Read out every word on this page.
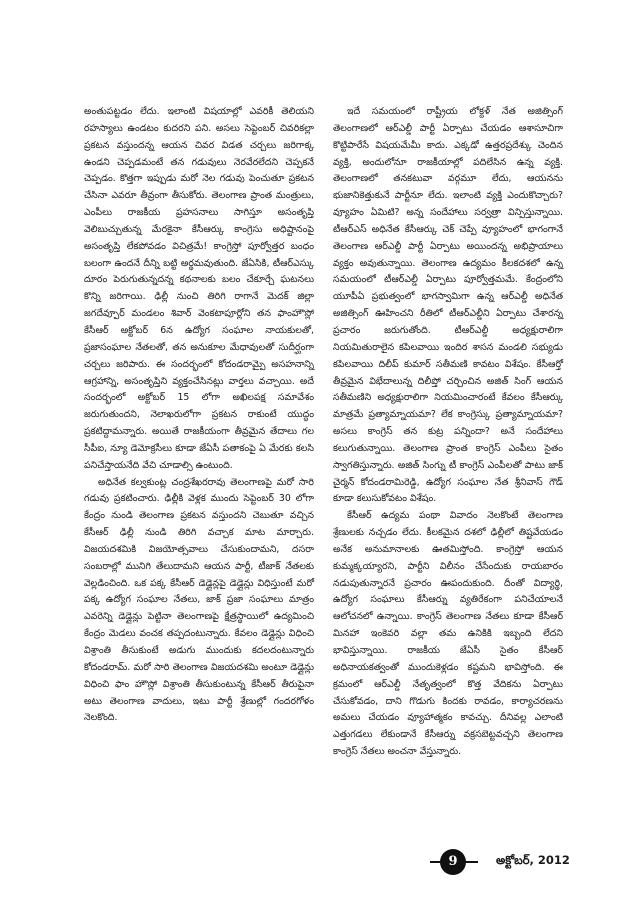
అంతుపట్టడం లేదు. ఇలాంటి విషయాల్లో ఎవరికీ తెలియని రహస్యాలు ఉండటం కుదరని పని. అసలు సెప్టెంబర్ చివరికల్లా ప్రకటన వస్తుందన్న ఆయన చివర విడత చర్చలు జరిగాక్క ఉండని చెప్పడమంటే తన గడువులు నెరవేరలేదని చెప్పకనే చెప్పడం. కొత్తగా ఇప్పుడు మరో నెల గడువు పెంచుతూ ప్రకటన చేసినా ఎవరూ తీవ్రంగా తీసుకోరు. తెలంగాణ ప్రాంత మంత్రులు, ఎంపీలు రాజకీయ ప్రహసనాలు సాగిస్తూ అసంతృప్తి వెలిబుచ్చుతున్న మేరకైనా కేసీఆర్కు కాంగ్రెసు అధిష్టానంపై అసంతృప్తి లేకపోవడం విచిత్రమే! కాంగ్రెస్తో పూర్వోత్తర బంధం బలంగా ఉందనే దీన్ని బట్టి అర్థమవుతుంది. జేఏసికి, టీఆర్ఎస్కు దూరం పెరుగుతున్నదన్న కథనాలకు బలం చేకూర్చే ఘటనలు కొన్ని జరిగాయి. ఢిల్లీ నుంచి తిరిగి రాగానే మెదక్ జిల్లా జగదేవ్పూర్ మండలం శివార్ వెంకటాపూర్లోని తన ఫాంహౌస్లో కేసీఆర్ అక్టోబర్ 6న ఉద్యోగ సంఘాల నాయకులతో, ప్రజాసంఘాల నేతలతో, తన అనుకూల మేధావులతో సుదీర్ఘంగా చర్చలు జరిపారు. ఈ సందర్భంలో కోదండరామ్పై అసహనాన్ని ఆగ్రహాన్ని, అసంతృప్తిని వ్యక్తంచేసినట్లు వార్తలు వచ్చాయి. అదే సందర్భంలో అక్టోబర్ 15 లోగా అఖిలపక్ష సమావేశం జరుగుతుందని, నెలాఖరులోగా ప్రకటన రాకుంటే యుద్ధం ప్రకటిద్దామన్నారు. అయితే రాజకీయంగా తీవ్రమైన తేదాలు గల సీపీఐ, న్యూ డెమోక్రసీలు కూడా జేఏసీ పతాకంపై ఏ మేరకు కలసి పనిచేస్తాయనేది వేచి చూడాల్సి ఉంటుంది.

అధినేత కల్వకుంట్ల చంద్రశేఖరరావు తెలంగాణపై మరో సారి గడువు ప్రకటించారు. ఢిల్లీకి వెళ్లక ముందు సెప్టెంబర్ 30 లోగా కేంద్రం నుండి తెలంగాణ ప్రకటన వస్తుందని చెబుతూ వచ్చిన కేసీఆర్ ఢిల్లీ నుండి తిరిగి వచ్చాక మాట మార్చారు. విజయదశమికి విజయోత్సవాలు చేసుకుందామని, దసరా సంబరాల్లో మునిగి తేలుదామని ఆయన పార్టీ, టీజాక్ నేతలకు వెల్లడించింది. ఒక పక్క కేసీఆర్ డెడ్లైన్లపై డెడ్లైన్లు విధిస్తుంటే మరో పక్క ఉద్యోగ సంఘాల నేతలు, జాక్ ప్రజా సంఘాలు మాత్రం ఎవరెన్ని డెడ్లైన్లు పెట్టినా తెలంగాణపై క్షేత్రస్థాయిలో ఉద్యమించి కేంద్రం మెడలు వంచక తప్పదంటున్నారు. కేవలం డెడ్లైన్లు విధించి విశ్రాంతి తీసుకుంటే అడుగు ముందుకు కదలదంటున్నారు కోదండరామ్. మరో సారి తెలంగాణ విజయదశమి అంటూ డెడ్లైన్లు విధించి ఫాం హౌస్లో విశ్రాంతి తీసుకుంటున్న కేసీఆర్ తీరుపైనా అటు తెలంగాణ వాదులు, ఇటు పార్టీ శ్రేణుల్లో గందరగోళం నెలకొంది.

ఇదే సమయంలో రాష్ట్రీయ లోక్దళ్ నేత అజిత్సింగ్ తెలంగాణలో ఆర్ఎల్డీ పార్టీ ఏర్పాటు చేయడం ఆశాసూచిగా కొట్టిపారేసే విషయమేమీ కాదు. ఎక్కడో ఉత్తరప్రదేశ్కు చెందిన వ్యక్తి, అందులోనూ రాజకీయాల్లో పదిలేసిన ఉన్న వ్యక్తి. తెలంగాణలో తనకటువా వర్గమూ లేదు, ఆయనను భుజానికెత్తుకునే పార్టీనూ లేదు. ఇలాంటి వ్యక్తి ఎందుకొచ్చారు? వ్యూహం ఏమిటి? అన్న సందేహాలు సర్వత్రా విన్పిస్తున్నాయి. టీఆర్ఎస్ అధినేత కేసీఆర్కు చెక్ చెప్పే వ్యూహంలో భాగంగానే తెలంగాణ ఆర్ఎల్డీ పార్టీ ఏర్పాటు అయిందన్న అభిప్రాయాలు వ్యక్తం అవుతున్నాయి. తెలంగాణ ఉద్యమం కీలకదశలో ఉన్న సమయంలో టీఆర్ఎల్డీ ఏర్పాటు పూర్వోత్తమమే. కేంద్రంలోని యూపీఏ ప్రభుత్వంలో భాగస్వామిగా ఉన్న ఆర్ఎల్డీ అధినేత అజిత్సింగ్ ఊహించని రీతిలో టీఆర్ఎల్డీని ఏర్పాటు చేశారన్న ప్రచారం జరుగుతోంది. టీఆర్ఎల్డీ అధ్యక్షురాలిగా నియమితురాలైన కపిలవాయి ఇందిర శాసన మండలి సభ్యుడు కపిలవాయి దిలీప్ కుమార్ సతీమణి కావటం విశేషం. కేసీఆర్తో తీవ్రమైన విభేదాలున్న దిలీప్తో చర్చించిన అజిత్ సింగ్ ఆయన సతీమణిని అధ్యక్షురాలిగా నియమించారంటే కేవలం కేసీఆర్కు మాత్రమే ప్రత్యామ్నాయమా? లేక కాంగ్రెస్కు ప్రత్యామ్నాయమా? అసలు కాంగ్రెస్ తన కుట్ర పన్నిందా? అనే సందేహాలు కలుగుతున్నాయి. తెలంగాణ ప్రాంత కాంగ్రెస్ ఎంపీలు సైతం స్వాగతిస్తున్నారు. అజిత్ సింగ్ను టీ కాంగ్రెస్ ఎంపీలతో పాటు జాక్ చైర్మన్ కోదండరామిరెడ్డి, ఉద్యోగ సంఘాల నేత శ్రీనివాస్ గౌడ్ కూడా కలుసుకోవటం విశేషం.

కేసీఆర్ ఉద్యమ పంథా వివాదం నెలకొంటే తెలంగాణ శ్రేణులకు నచ్చడం లేదు. కీలకమైన దశలో ఢిల్లీలో తిష్టవేయడం అనేక అనుమానాలకు ఊతమిస్తోంది. కాంగ్రెస్తో ఆయన కుమ్మక్కయ్యారని, పార్టీని విలీనం చేసేందుకు రాయబారం నడుపుతున్నారనే ప్రచారం ఊపందుకుంది. దీంతో విద్యార్థి, ఉద్యోగ సంఘాలు కేసీఆర్ను వ్యతిరేకంగా పనిచేయాలనే ఆలోచనలో ఉన్నాయి. కాంగ్రెస్ తెలంగాణ నేతలు కూడా కేసీఆర్ మినహా ఇంకెవరి వల్లా తమ ఉనికికి ఇబ్బంది లేదని భావిస్తున్నాయి. రాజకీయ జేఏసీ సైతం కేసీఆర్ అధినాయకత్వంతో ముందుకెళ్లడం కష్టమని భావిస్తోంది. ఈ క్రమంలో ఆర్ఎల్డీ నేతృత్వంలో కొత్త వేదికను ఏర్పాటు చేసుకోవడం, దాని గొడుగు కిందకు రావడం, కార్యాచరణను అమలు చేయడం వ్యూహాత్మకం కావచ్చు. దీనివల్ల ఎలాంటి ఎత్తుగడలు లేకుండానే కేసీఆర్ను వక్రసబెట్టవచ్చని తెలంగాణ కాంగ్రెస్ నేతలు అంచనా వేస్తున్నారు.

9	అక్టోబర్, 2012
